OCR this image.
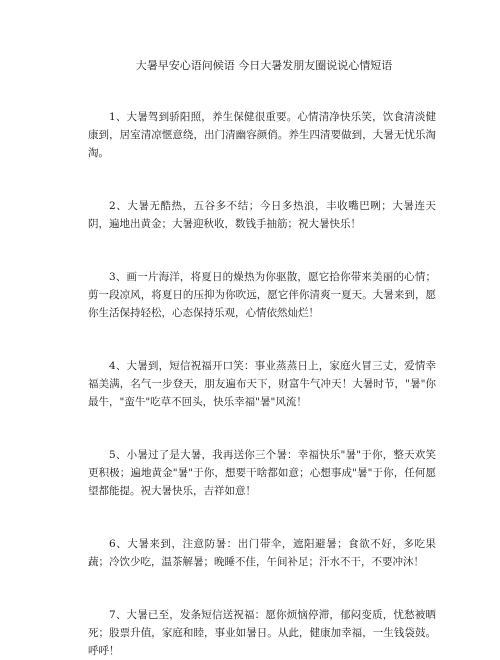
大暑早安心语问候语 今日大暑发朋友圈说说心情短语

1、大暑驾到骄阳照，养生保健很重要。心情清净快乐笑，饮食清淡健康到，居室清凉惬意绕，出门清幽容颜俏。养生四清要做到，大暑无忧乐淘淘。

2、大暑无酷热，五谷多不结；今日多热浪，丰收嘴巴咧；大暑连天阴，遍地出黄金；大暑迎秋收，数钱手抽筋；祝大暑快乐！

3、画一片海洋，将夏日的燥热为你驱散，愿它拾你带来美丽的心情；剪一段凉风，将夏日的压抑为你吹远，愿它伴你清爽一夏天。大暑来到，愿你生活保持轻松，心态保持乐观，心情依然灿烂！

4、大暑到，短信祝福开口笑：事业蒸蒸日上，家庭火冒三丈，爱情幸福美满，名气一步登天，朋友遍布天下，财富牛气冲天！大暑时节，"暑"你最牛，"蛮牛"吃草不回头，快乐幸福"暑"风流！

5、小暑过了是大暑，我再送你三个暑：幸福快乐"暑"于你，整天欢笑更积极；遍地黄金"暑"于你，想要干啥都如意；心想事成"暑"于你，任何愿望都能提。祝大暑快乐，吉祥如意！

6、大暑来到，注意防暑：出门带伞，遮阳避暑；食欲不好，多吃果蔬；冷饮少吃，温茶解暑；晚睡不佳，午间补足；汗水不干，不要冲沐！

7、大暑已至，发条短信送祝福：愿你烦恼停滞，郁闷变质，忧愁被晒死；股票升值，家庭和睦，事业如暑日。从此，健康加幸福，一生钱袋鼓。呼呼！
